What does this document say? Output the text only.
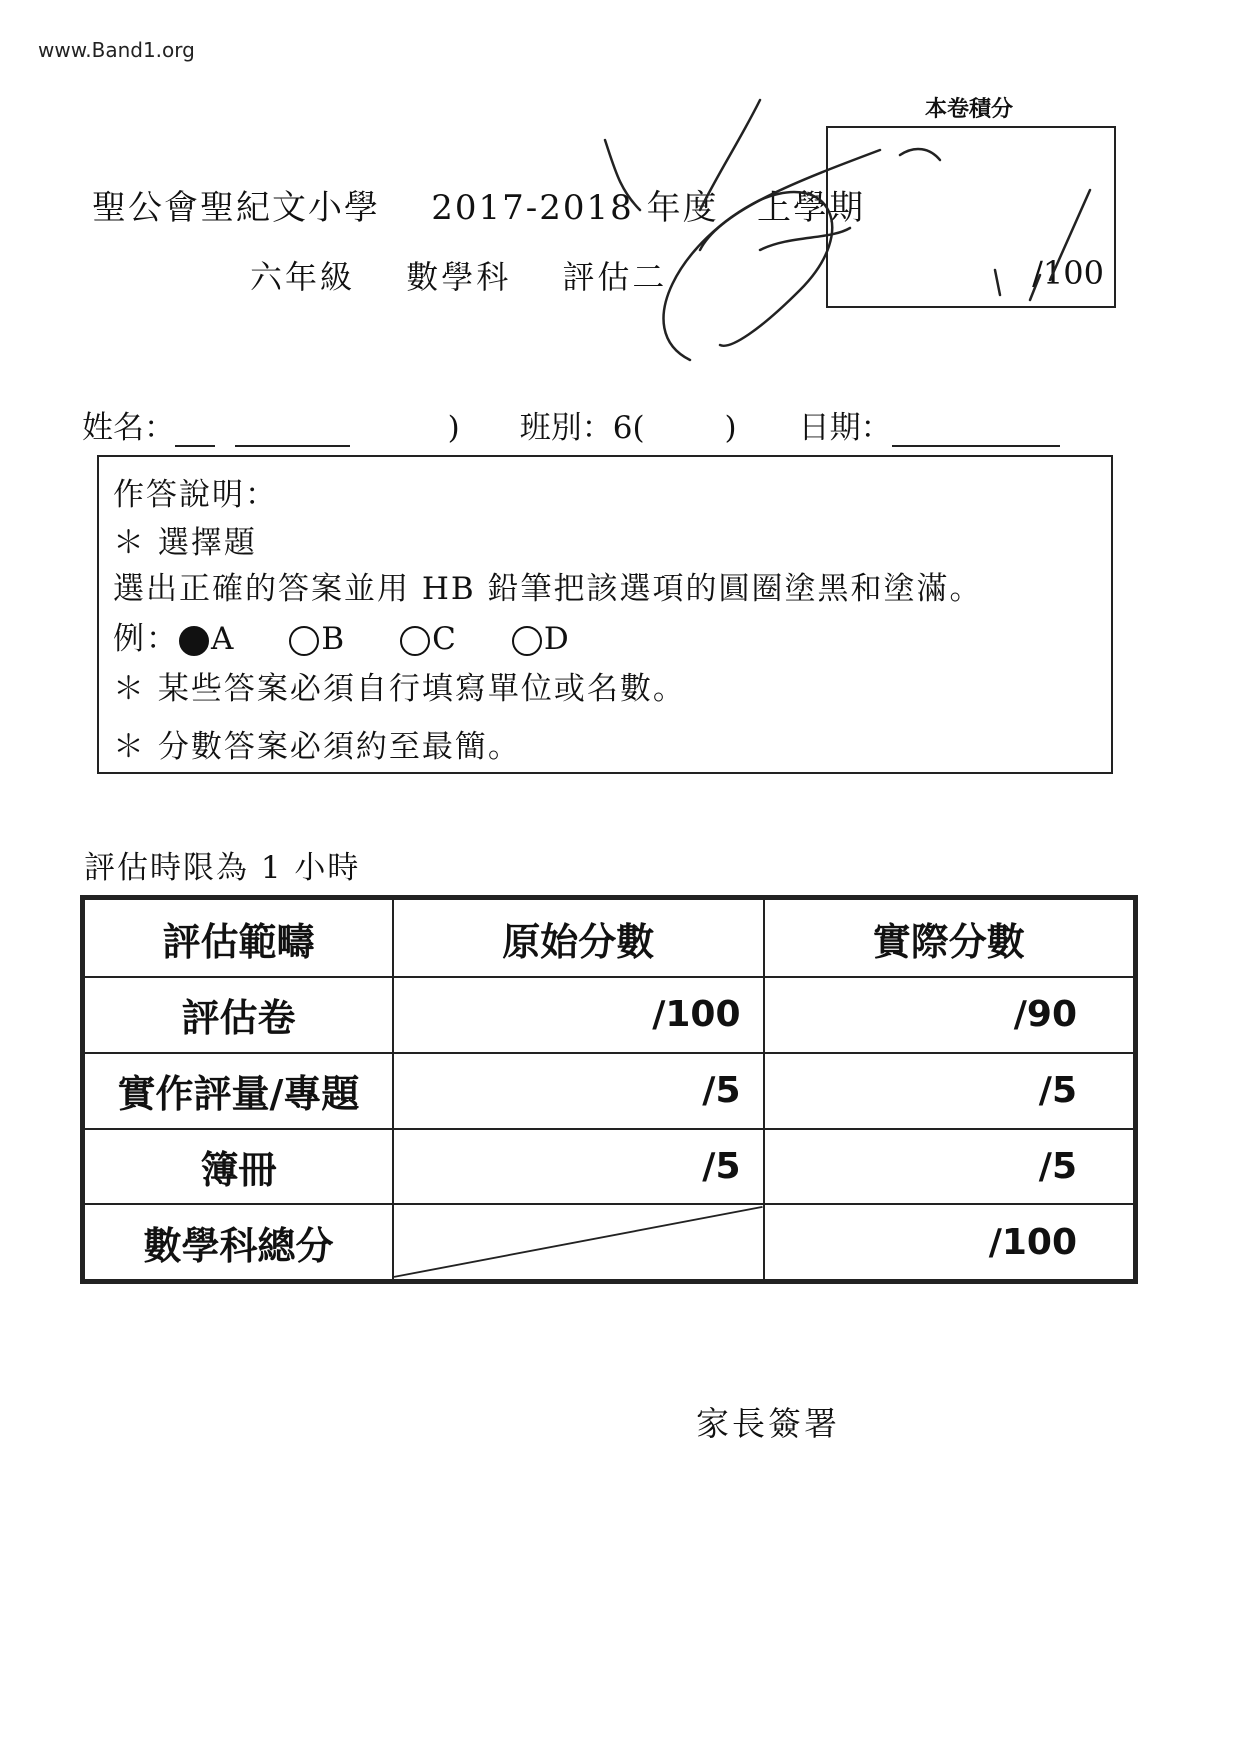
www.Band1.org
本卷積分
/100
聖公會聖紀文小學 2017-2018 年度 上學期
六年級 數學科 評估二
姓名：	) 班別：6(	) 日期：
作答說明：
＊ 選擇題
選出正確的答案並用 HB 鉛筆把該選項的圓圈塗黑和塗滿。
例： A	B	C	D
＊ 某些答案必須自行填寫單位或名數。
＊ 分數答案必須約至最簡。
評估時限為 1 小時
評估範疇	原始分數	實際分數
評估卷	/100	/90
實作評量/專題	/5	/5
簿冊	/5	/5
數學科總分		/100
家長簽署
